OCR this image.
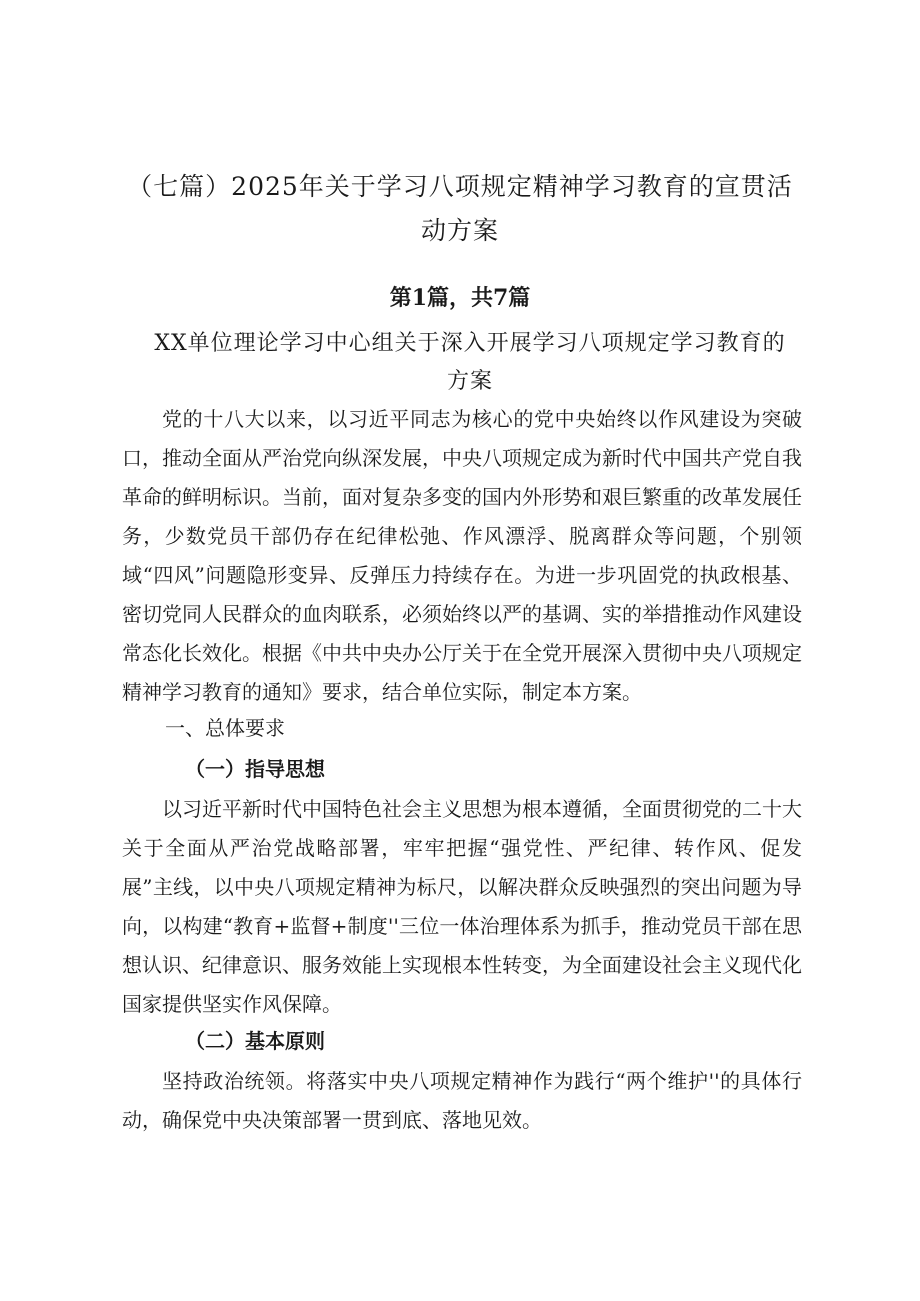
（七篇）2025年关于学习八项规定精神学习教育的宣贯活动方案
第1篇，共7篇
XX单位理论学习中心组关于深入开展学习八项规定学习教育的方案

党的十八大以来，以习近平同志为核心的党中央始终以作风建设为突破口，推动全面从严治党向纵深发展，中央八项规定成为新时代中国共产党自我革命的鲜明标识。当前，面对复杂多变的国内外形势和艰巨繁重的改革发展任务，少数党员干部仍存在纪律松弛、作风漂浮、脱离群众等问题，个别领域“四风”问题隐形变异、反弹压力持续存在。为进一步巩固党的执政根基、密切党同人民群众的血肉联系，必须始终以严的基调、实的举措推动作风建设常态化长效化。根据《中共中央办公厅关于在全党开展深入贯彻中央八项规定精神学习教育的通知》要求，结合单位实际，制定本方案。

一、总体要求
（一）指导思想

以习近平新时代中国特色社会主义思想为根本遵循，全面贯彻党的二十大关于全面从严治党战略部署，牢牢把握“强党性、严纪律、转作风、促发展”主线，以中央八项规定精神为标尺，以解决群众反映强烈的突出问题为导向，以构建“教育+监督+制度''三位一体治理体系为抓手，推动党员干部在思想认识、纪律意识、服务效能上实现根本性转变，为全面建设社会主义现代化国家提供坚实作风保障。

（二）基本原则

坚持政治统领。将落实中央八项规定精神作为践行“两个维护''的具体行动，确保党中央决策部署一贯到底、落地见效。
